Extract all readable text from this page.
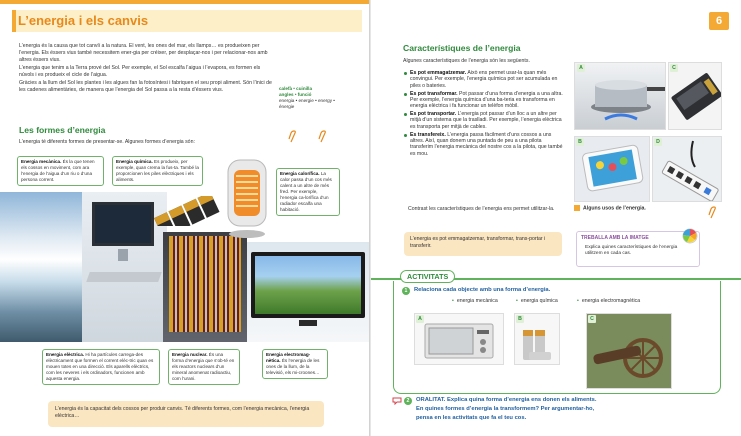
L’energia i els canvis
L’energia és la causa que tot canviï a la natura. El vent, les ones del mar, els llamps… es produeixen per l’energia. Els éssers vius també necessitem ener-gia per créixer, per desplaçar-nos i per relacionar-nos amb altres éssers vius.
L’energia que tenim a la Terra prové del Sol. Per exemple, el Sol escalfa l’aigua i l’evapora, es formen els núvols i es produeix el cicle de l’aigua.
Gràcies a la llum del Sol les plantes i les algues fan la fotosíntesi i fabriquen el seu propi aliment. Són l’inici de les cadenes alimentàries, de manera que l’energia del Sol passa a la resta d’éssers vius.	calefà • cuinilla
angles • funció
energia • energie • energy • énergie
Les formes d’energia
L’energia té diferents formes de presentar-se. Algunes formes d’energia són:
Energia mecànica. És la que tenen els cossos en moviment, com ara l’energia de l’aigua d’un riu o d’una persona corrent.
Energia química. Es produeix, per exemple, quan crema la fus-ta. També la proporcionen les piles elèctriques i els aliments.
Energia calorífica. La calor passa d’un cos més calent a un altre de més fred. Per exemple, l’energia ca-lorífica d’un radiador escalfa una habitació.
Energia elèctrica. Hi ha partícules carrega-des elèctricament que formen el corrent elèc-tric quan es mouen totes en una direcció. Els aparells elèctrics, com les neveres i els ordinadors, funcionen amb aquesta energia.
Energia nuclear. És una forma d’energia que s’ob-té en els reactors nuclears d’un mineral anomenat radioactiu, com l’urani.
Energia electromag-nètica. És l’energia de les ones de la llum, de la televisió, els mi-croones…
L’energia és la capacitat dels cossos per produir canvis. Té diferents formes, com l’energia mecànica, l’energia elèctrica…
6
Característiques de l’energia
Algunes característiques de l’energia són les següents.
Es pot emmagatzemar. Això ens permet usar-la quan més convingui. Per exemple, l’energia química pot ser acumulada en piles o bateries.
Es pot transformar. Pot passar d’una forma d’energia a una altra. Per exemple, l’energia química d’una ba-teria es transforma en energia elèctrica i fa funcionar un telèfon mòbil.
Es pot transportar. L’energia pot passar d’un lloc a un altre per mitjà d’un sistema que la traslladi. Per exemple, l’energia elèctrica es transporta per mitjà de cables.
Es transfereix. L’energia passa fàcilment d’uns cossos a uns altres. Així, quan donem una puntada de peu a una pilota transferim l’energia mecànica del nostre cos a la pilota, que també es mou.
Contrast les característiques de l’energia ens permet utilitzar-la.
A	C
B	D
Alguns usos de l’energia.
L’energia es pot emmagatzemar, transformar, trans-portar i transferir.
TREBALLA AMB LA IMATGE
Explica quines característiques de l’energia utilitzem en cada cas.
ACTIVITATS
1	Relaciona cada objecte amb una forma d’energia.
• energia mecànica	• energia química	• energia electromagnètica
A	B	C
2	ORALITAT. Explica quina forma d’energia ens donen els aliments.
En quines formes d’energia la transformem? Per argumentar-ho,
pensa en les activitats que fa el teu cos.
